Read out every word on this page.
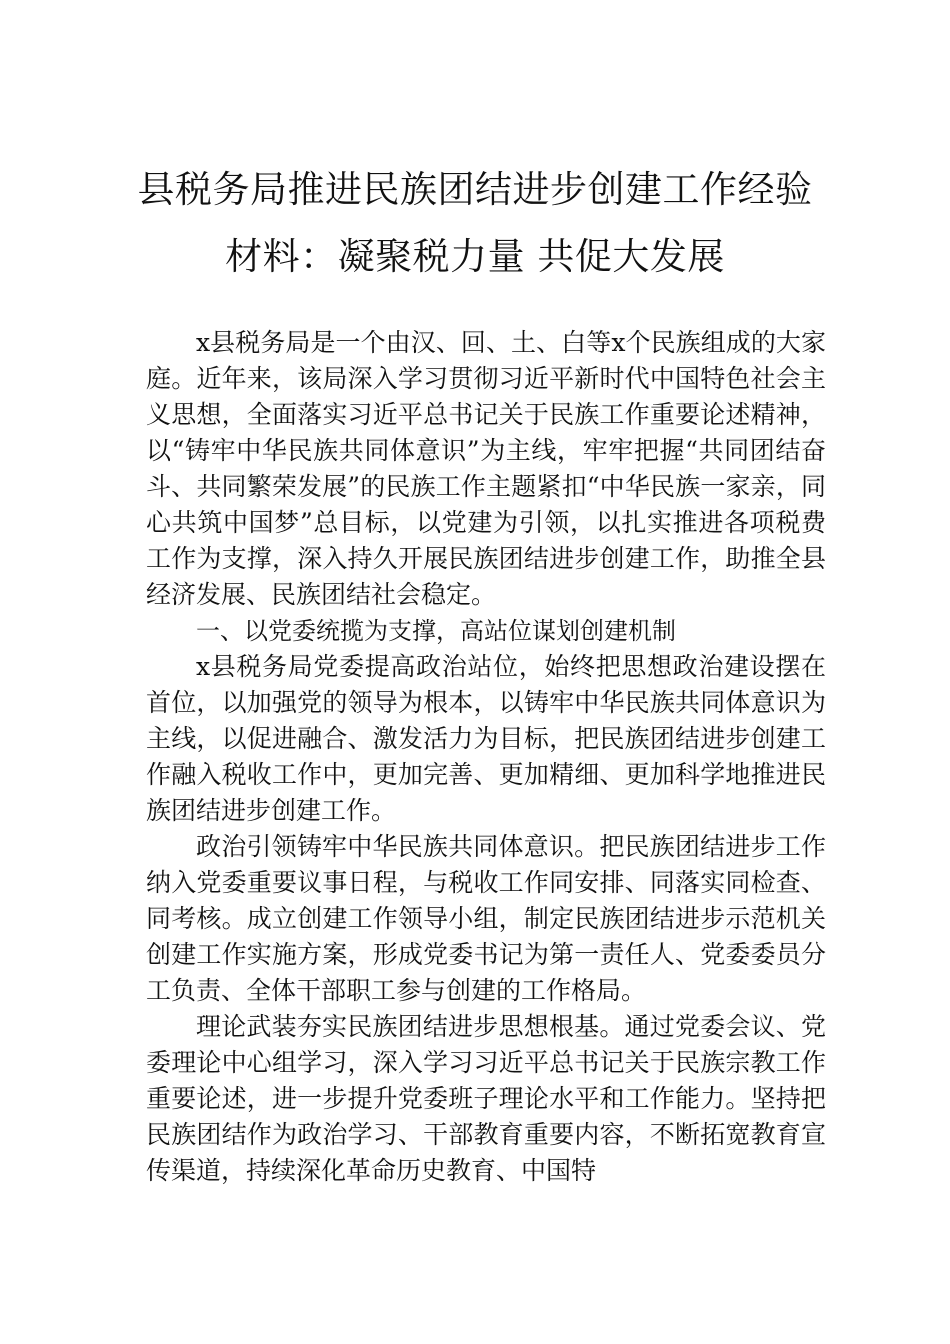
县税务局推进民族团结进步创建工作经验
材料：凝聚税力量 共促大发展

x县税务局是一个由汉、回、土、白等x个民族组成的大家庭。近年来，该局深入学习贯彻习近平新时代中国特色社会主义思想，全面落实习近平总书记关于民族工作重要论述精神，以“铸牢中华民族共同体意识”为主线，牢牢把握“共同团结奋斗、共同繁荣发展”的民族工作主题紧扣“中华民族一家亲，同心共筑中国梦”总目标，以党建为引领，以扎实推进各项税费工作为支撑，深入持久开展民族团结进步创建工作，助推全县经济发展、民族团结社会稳定。

一、以党委统揽为支撑，高站位谋划创建机制

x县税务局党委提高政治站位，始终把思想政治建设摆在首位，以加强党的领导为根本，以铸牢中华民族共同体意识为主线，以促进融合、激发活力为目标，把民族团结进步创建工作融入税收工作中，更加完善、更加精细、更加科学地推进民族团结进步创建工作。

政治引领铸牢中华民族共同体意识。把民族团结进步工作纳入党委重要议事日程，与税收工作同安排、同落实同检查、同考核。成立创建工作领导小组，制定民族团结进步示范机关创建工作实施方案，形成党委书记为第一责任人、党委委员分工负责、全体干部职工参与创建的工作格局。

理论武装夯实民族团结进步思想根基。通过党委会议、党委理论中心组学习，深入学习习近平总书记关于民族宗教工作重要论述，进一步提升党委班子理论水平和工作能力。坚持把民族团结作为政治学习、干部教育重要内容，不断拓宽教育宣传渠道，持续深化革命历史教育、中国特
